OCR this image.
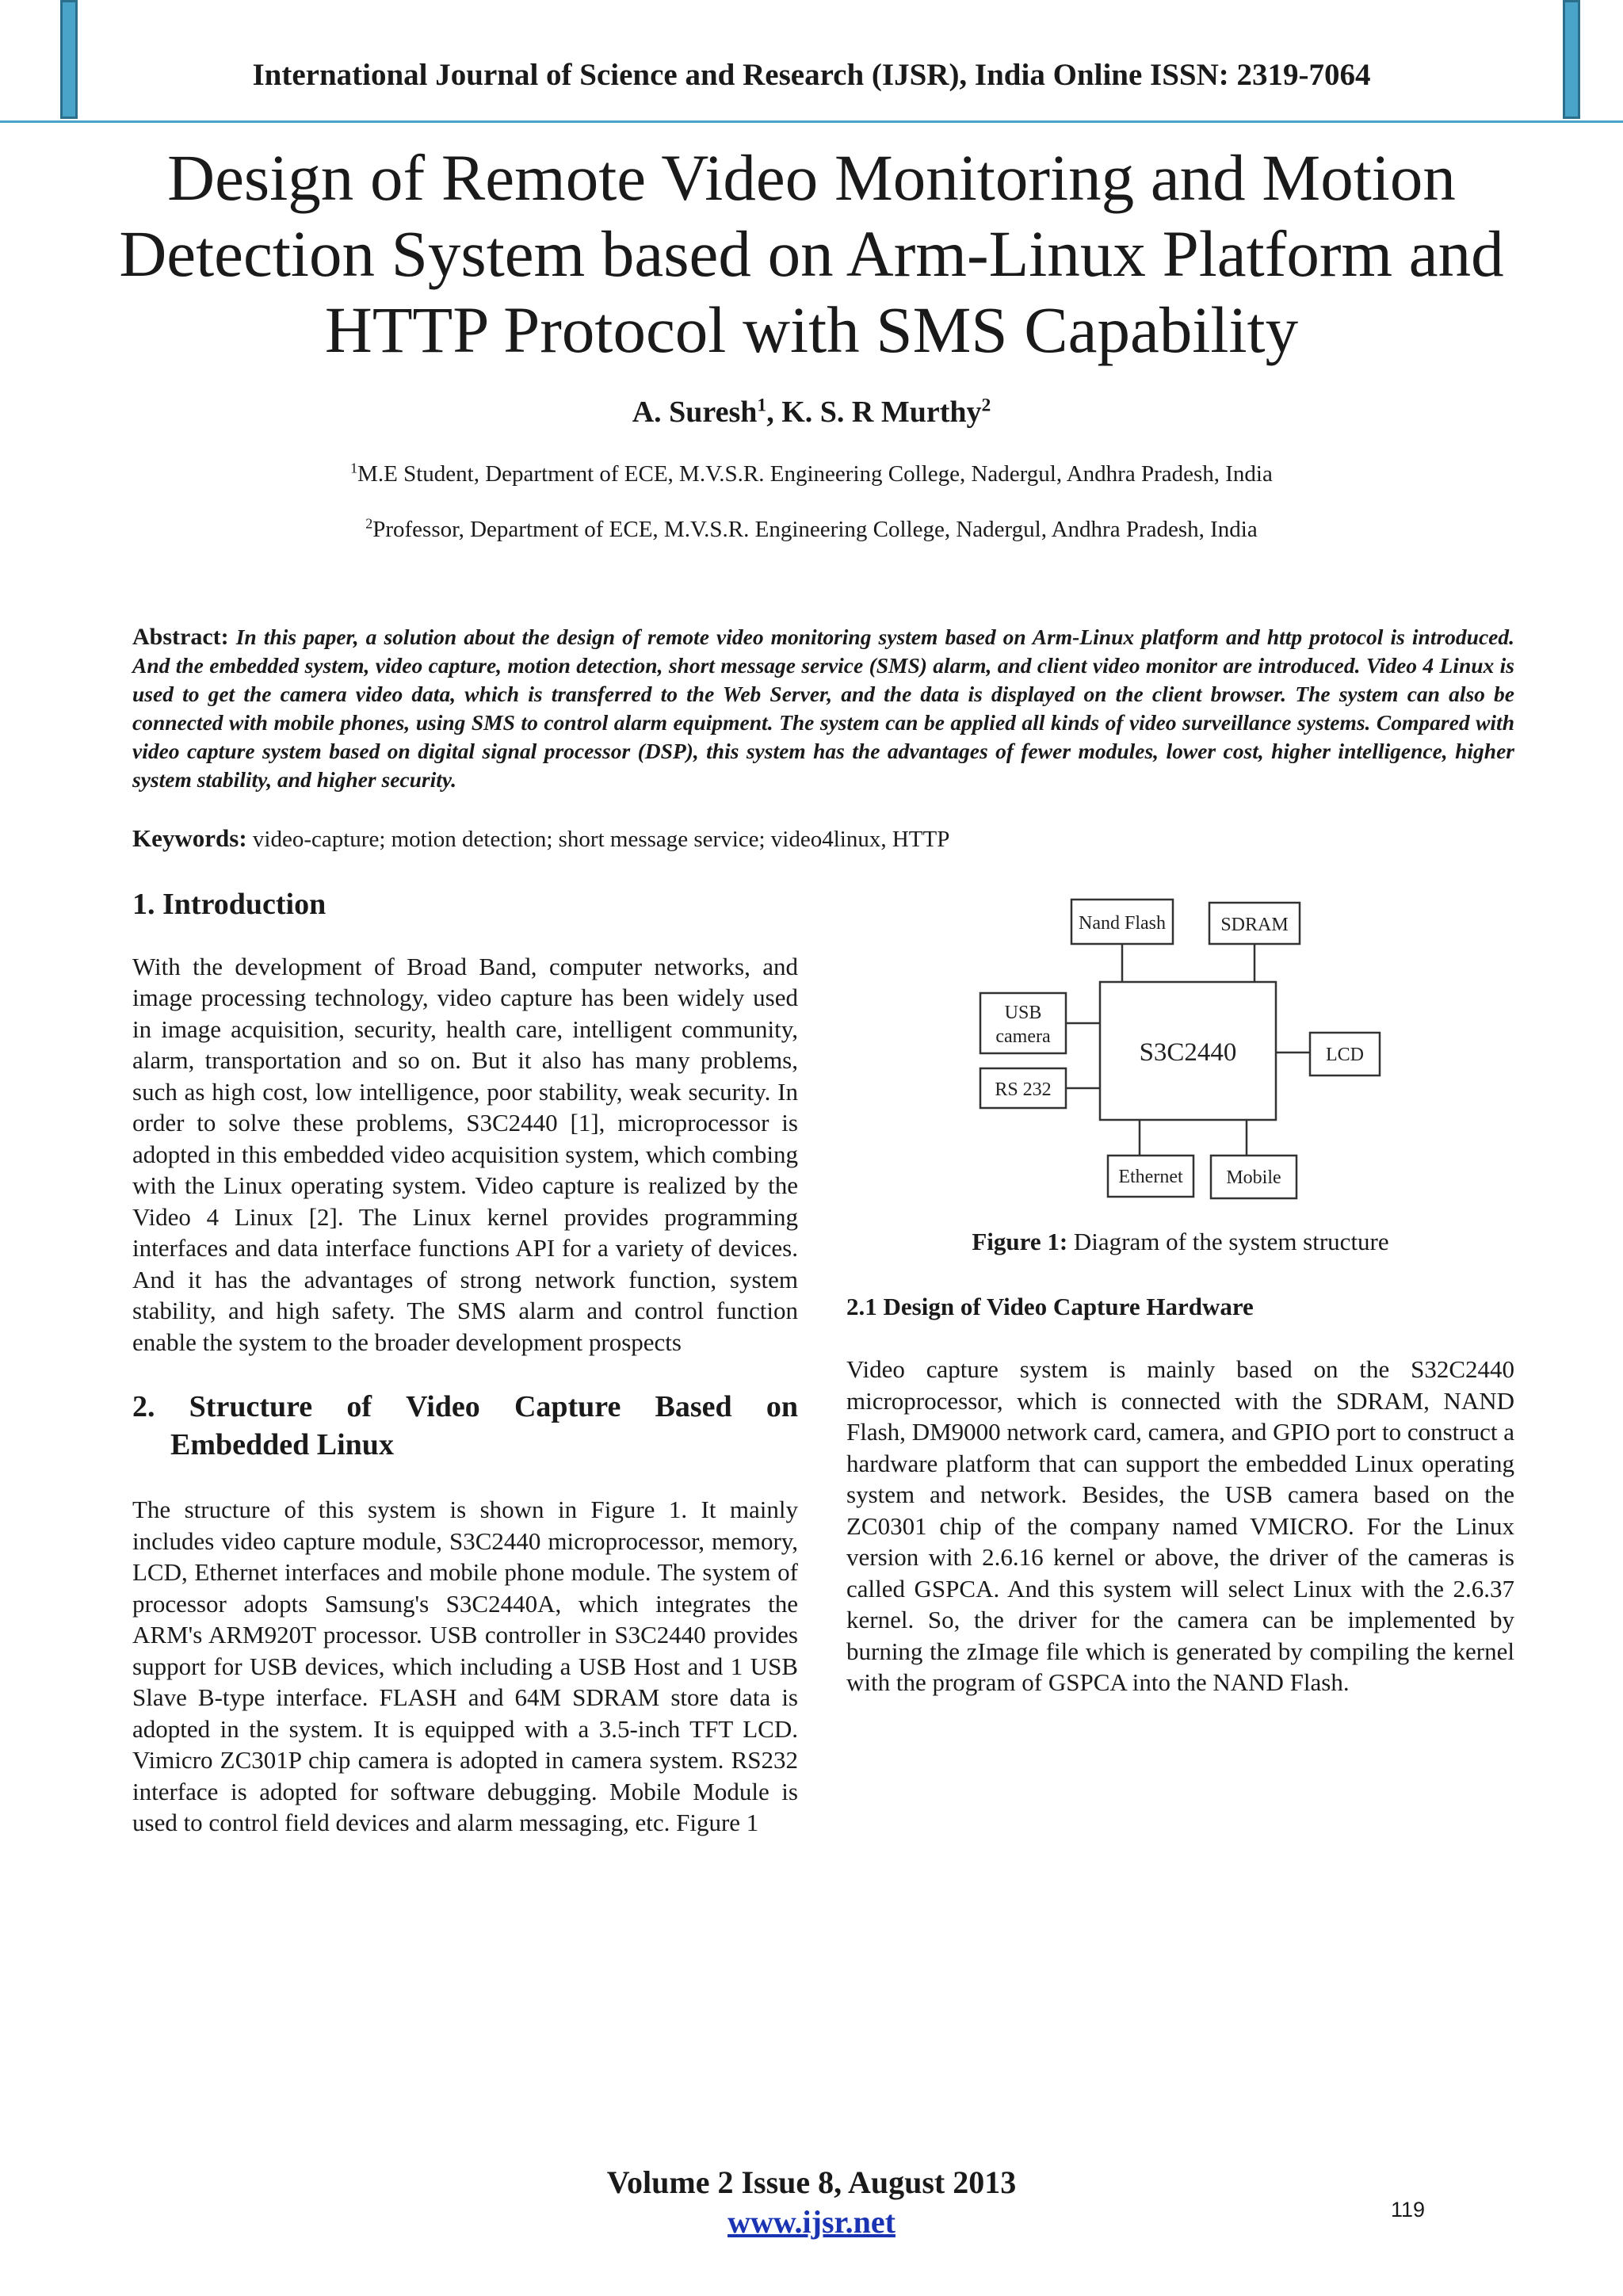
International Journal of Science and Research (IJSR), India Online ISSN: 2319-7064
Design of Remote Video Monitoring and Motion Detection System based on Arm-Linux Platform and HTTP Protocol with SMS Capability
A. Suresh$^1$, K. S. R Murthy$^2$
$^1$M.E Student, Department of ECE, M.V.S.R. Engineering College, Nadergul, Andhra Pradesh, India
$^2$Professor, Department of ECE, M.V.S.R. Engineering College, Nadergul, Andhra Pradesh, India
Abstract: In this paper, a solution about the design of remote video monitoring system based on Arm-Linux platform and http protocol is introduced. And the embedded system, video capture, motion detection, short message service (SMS) alarm, and client video monitor are introduced. Video 4 Linux is used to get the camera video data, which is transferred to the Web Server, and the data is displayed on the client browser. The system can also be connected with mobile phones, using SMS to control alarm equipment. The system can be applied all kinds of video surveillance systems. Compared with video capture system based on digital signal processor (DSP), this system has the advantages of fewer modules, lower cost, higher intelligence, higher system stability, and higher security.
Keywords: video-capture; motion detection; short message service; video4linux, HTTP
1. Introduction

With the development of Broad Band, computer networks, and image processing technology, video capture has been widely used in image acquisition, security, health care, intelligent community, alarm, transportation and so on. But it also has many problems, such as high cost, low intelligence, poor stability, weak security. In order to solve these problems, S3C2440 [1], microprocessor is adopted in this embedded video acquisition system, which combing with the Linux operating system. Video capture is realized by the Video 4 Linux [2]. The Linux kernel provides programming interfaces and data interface functions API for a variety of devices. And it has the advantages of strong network function, system stability, and high safety. The SMS alarm and control function enable the system to the broader development prospects

2. Structure of Video Capture Based on
Embedded Linux

The structure of this system is shown in Figure 1. It mainly includes video capture module, S3C2440 microprocessor, memory, LCD, Ethernet interfaces and mobile phone module. The system of processor adopts Samsung's S3C2440A, which integrates the ARM's ARM920T processor. USB controller in S3C2440 provides support for USB devices, which including a USB Host and 1 USB Slave B-type interface. FLASH and 64M SDRAM store data is adopted in the system. It is equipped with a 3.5-inch TFT LCD. Vimicro ZC301P chip camera is adopted in camera system. RS232 interface is adopted for software debugging. Mobile Module is used to control field devices and alarm messaging, etc. Figure 1

S3C2440
Nand Flash	SDRAM
USB
camera
RS 232
LCD
Ethernet Mobile
Figure 1: Diagram of the system structure
2.1 Design of Video Capture Hardware

Video capture system is mainly based on the S32C2440 microprocessor, which is connected with the SDRAM, NAND Flash, DM9000 network card, camera, and GPIO port to construct a hardware platform that can support the embedded Linux operating system and network. Besides, the USB camera based on the ZC0301 chip of the company named VMICRO. For the Linux version with 2.6.16 kernel or above, the driver of the cameras is called GSPCA. And this system will select Linux with the 2.6.37 kernel. So, the driver for the camera can be implemented by burning the zImage file which is generated by compiling the kernel with the program of GSPCA into the NAND Flash.

Volume 2 Issue 8, August 2013
www.ijsr.net	119
